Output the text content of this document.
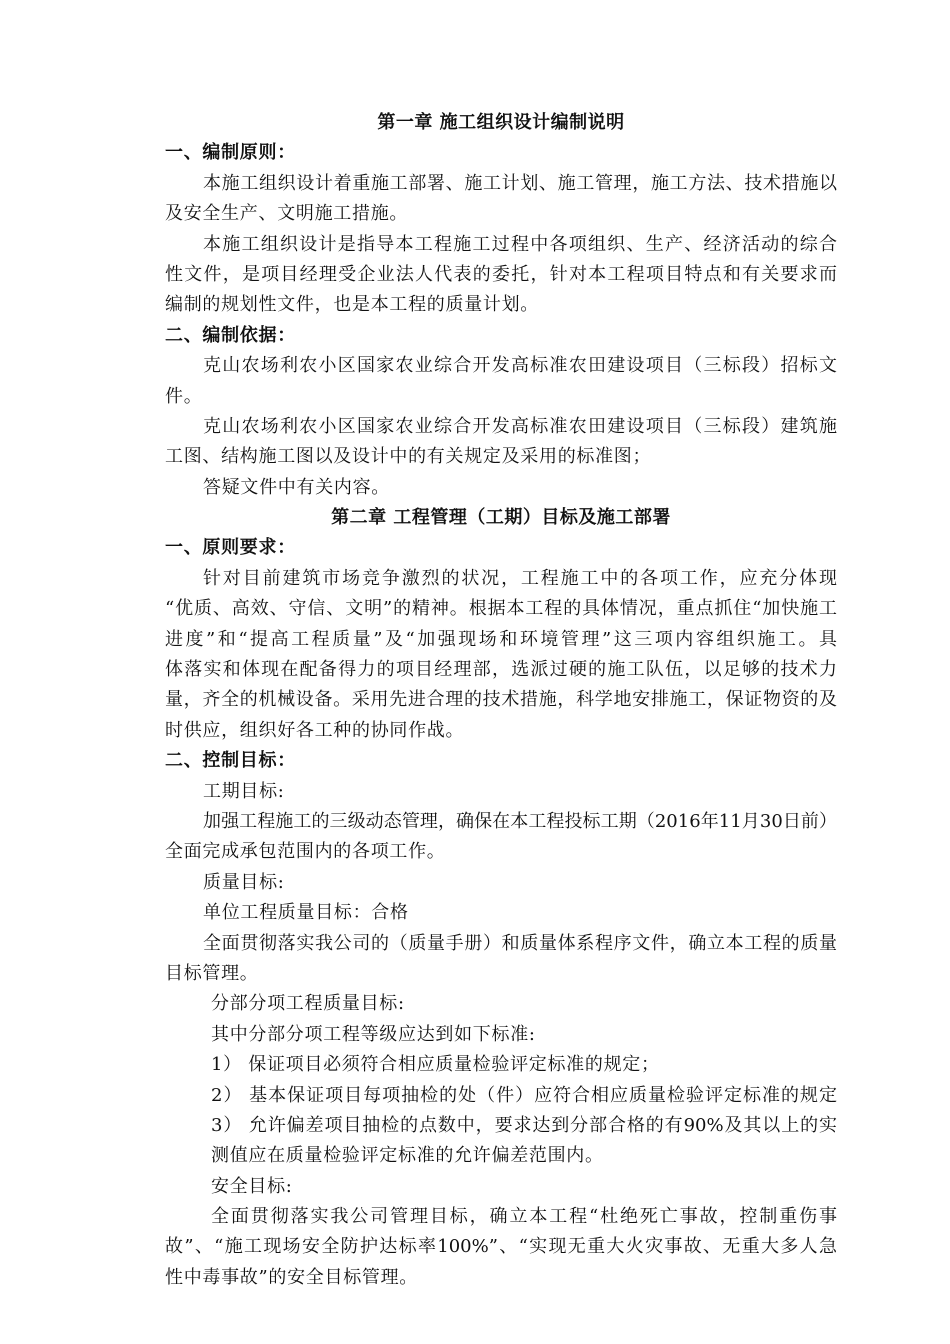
第一章 施工组织设计编制说明
一、编制原则：
本施工组织设计着重施工部署、施工计划、施工管理，施工方法、技术措施以
及安全生产、文明施工措施。
本施工组织设计是指导本工程施工过程中各项组织、生产、经济活动的综合
性文件，是项目经理受企业法人代表的委托，针对本工程项目特点和有关要求而
编制的规划性文件，也是本工程的质量计划。
二、编制依据：
克山农场利农小区国家农业综合开发高标准农田建设项目（三标段）招标文
件。
克山农场利农小区国家农业综合开发高标准农田建设项目（三标段）建筑施
工图、结构施工图以及设计中的有关规定及采用的标准图；
答疑文件中有关内容。
第二章 工程管理（工期）目标及施工部署
一、原则要求：
针对目前建筑市场竞争激烈的状况，工程施工中的各项工作，应充分体现
“优质、高效、守信、文明”的精神。根据本工程的具体情况，重点抓住“加快施工
进度”和“提高工程质量”及“加强现场和环境管理”这三项内容组织施工。具
体落实和体现在配备得力的项目经理部，选派过硬的施工队伍，以足够的技术力
量，齐全的机械设备。采用先进合理的技术措施，科学地安排施工，保证物资的及
时供应，组织好各工种的协同作战。
二、控制目标：
工期目标:
加强工程施工的三级动态管理，确保在本工程投标工期（2016年11月30日前）
全面完成承包范围内的各项工作。
质量目标:
单位工程质量目标：合格
全面贯彻落实我公司的（质量手册）和质量体系程序文件，确立本工程的质量
目标管理。
分部分项工程质量目标:
其中分部分项工程等级应达到如下标准:
1） 保证项目必须符合相应质量检验评定标准的规定；
2） 基本保证项目每项抽检的处（件）应符合相应质量检验评定标准的规定
3） 允许偏差项目抽检的点数中，要求达到分部合格的有90%及其以上的实
测值应在质量检验评定标准的允许偏差范围内。
安全目标:
全面贯彻落实我公司管理目标，确立本工程“杜绝死亡事故，控制重伤事
故”、“施工现场安全防护达标率100%”、“实现无重大火灾事故、无重大多人急
性中毒事故”的安全目标管理。
